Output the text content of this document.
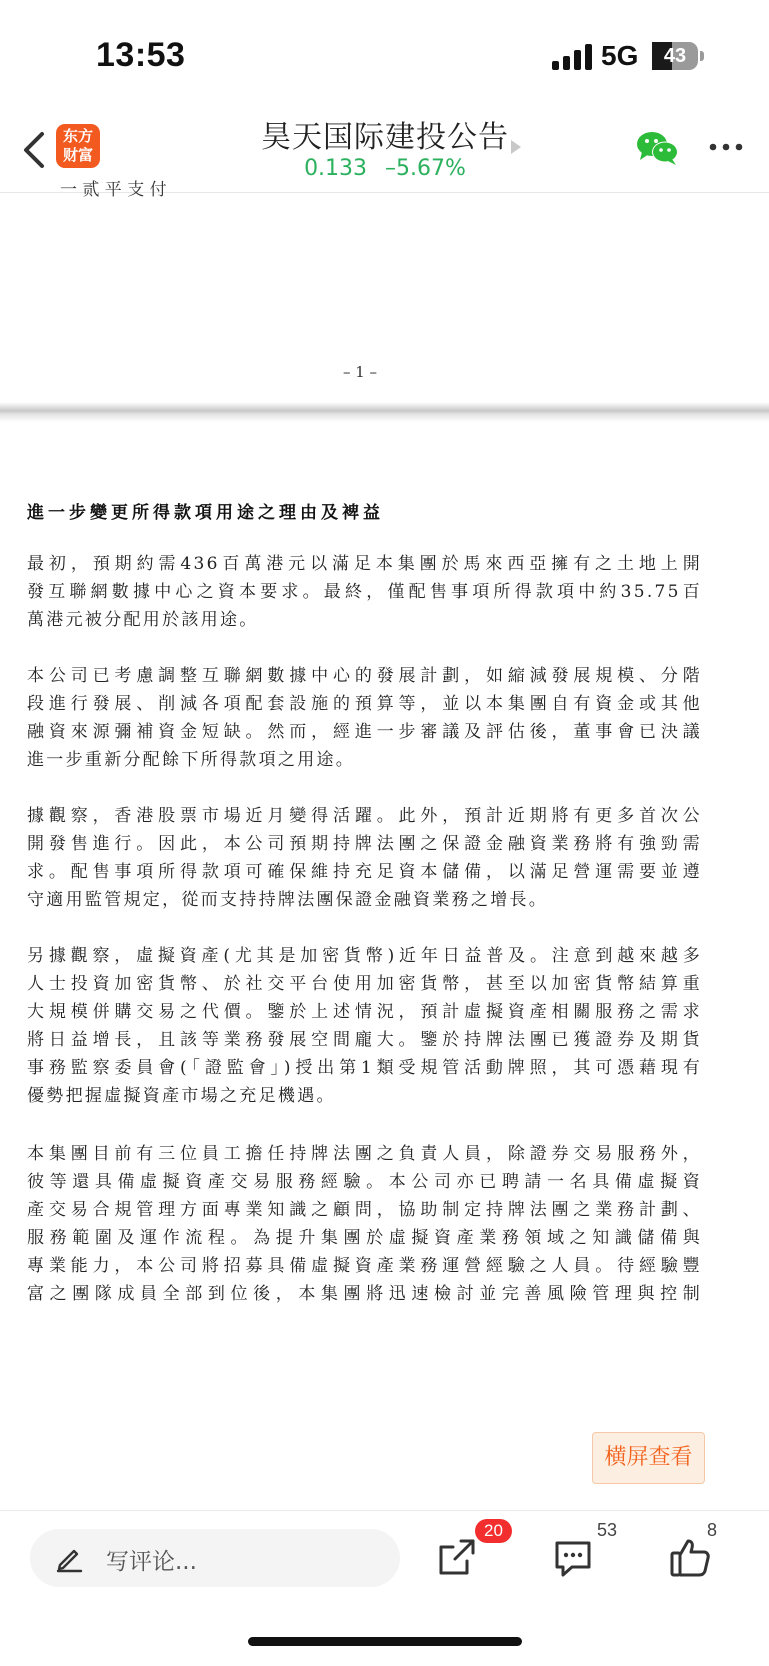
13:53	5G	43
东方
财富	昊天国际建投公告
0.133 –5.67%
一 贰 平 支 付
– 1 –
進一步變更所得款項用途之理由及裨益
最初，預期約需436百萬港元以滿足本集團於馬來西亞擁有之土地上開
發互聯網數據中心之資本要求。最終，僅配售事項所得款項中約35.75百
萬港元被分配用於該用途。
本公司已考慮調整互聯網數據中心的發展計劃，如縮減發展規模、分階
段進行發展、削減各項配套設施的預算等，並以本集團自有資金或其他
融資來源彌補資金短缺。然而，經進一步審議及評估後，董事會已決議
進一步重新分配餘下所得款項之用途。
據觀察，香港股票市場近月變得活躍。此外，預計近期將有更多首次公
開發售進行。因此，本公司預期持牌法團之保證金融資業務將有強勁需
求。配售事項所得款項可確保維持充足資本儲備，以滿足營運需要並遵
守適用監管規定，從而支持持牌法團保證金融資業務之增長。
另據觀察，虛擬資產(尤其是加密貨幣)近年日益普及。注意到越來越多
人士投資加密貨幣、於社交平台使用加密貨幣，甚至以加密貨幣結算重
大規模併購交易之代價。鑒於上述情況，預計虛擬資產相關服務之需求
將日益增長，且該等業務發展空間龐大。鑒於持牌法團已獲證券及期貨
事務監察委員會(「證監會」)授出第1類受規管活動牌照，其可憑藉現有
優勢把握虛擬資產市場之充足機遇。
本集團目前有三位員工擔任持牌法團之負責人員，除證券交易服務外，
彼等還具備虛擬資產交易服務經驗。本公司亦已聘請一名具備虛擬資
產交易合規管理方面專業知識之顧問，協助制定持牌法團之業務計劃、
服務範圍及運作流程。為提升集團於虛擬資產業務領域之知識儲備與
專業能力，本公司將招募具備虛擬資產業務運營經驗之人員。待經驗豐
富之團隊成員全部到位後，本集團將迅速檢討並完善風險管理與控制
横屏查看
写评论...
20	53	8
